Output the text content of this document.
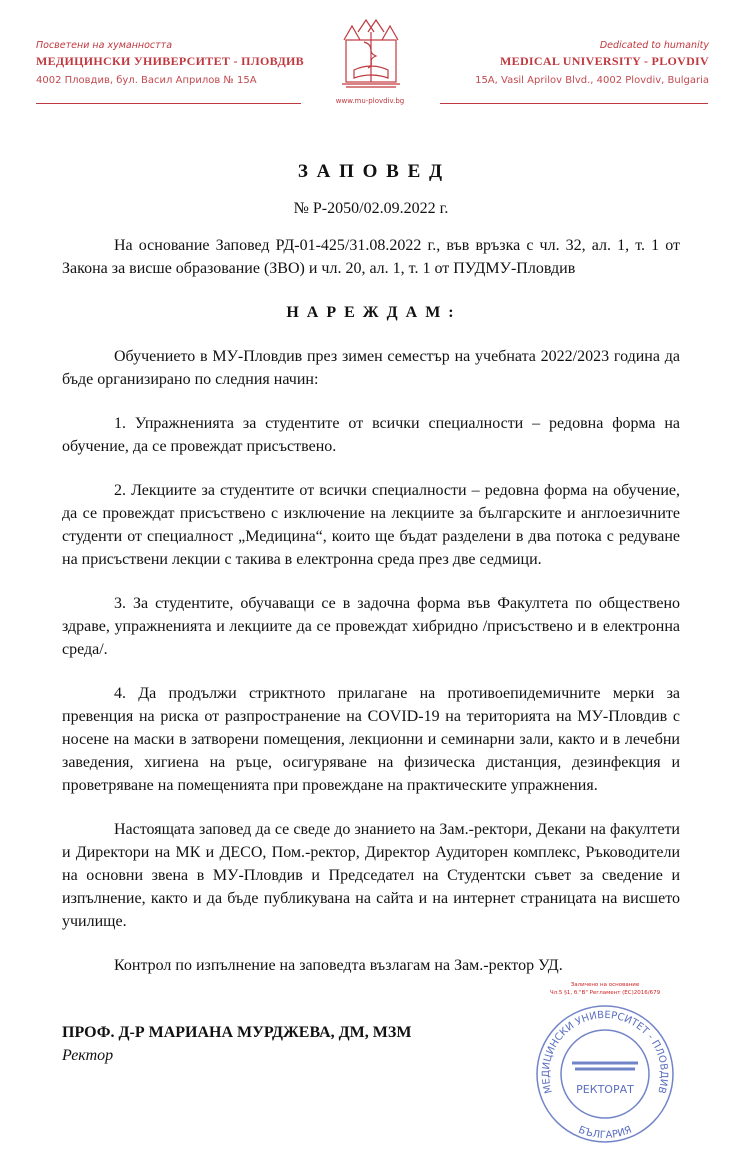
Посветени на хуманността
МЕДИЦИНСКИ УНИВЕРСИТЕТ - ПЛОВДИВ
4002 Пловдив, бул. Васил Априлов № 15А
Dedicated to humanity
MEDICAL UNIVERSITY - PLOVDIV
15A, Vasil Aprilov Blvd., 4002 Plovdiv, Bulgaria
www.mu-plovdiv.bg
З А П О В Е Д
№ Р-2050/02.09.2022 г.
На основание Заповед РД-01-425/31.08.2022 г., във връзка с чл. 32, ал. 1, т. 1 от Закона за висше образование (ЗВО) и чл. 20, ал. 1, т. 1 от ПУДМУ-Пловдив
Н А Р Е Ж Д А М :
Обучението в МУ-Пловдив през зимен семестър на учебната 2022/2023 година да бъде организирано по следния начин:
1. Упражненията за студентите от всички специалности – редовна форма на обучение, да се провеждат присъствено.
2. Лекциите за студентите от всички специалности – редовна форма на обучение, да се провеждат присъствено с изключение на лекциите за българските и англоезичните студенти от специалност „Медицина“, които ще бъдат разделени в два потока с редуване на присъствени лекции с такива в електронна среда през две седмици.
3. За студентите, обучаващи се в задочна форма във Факултета по обществено здраве, упражненията и лекциите да се провеждат хибридно /присъствено и в електронна среда/.
4. Да продължи стриктното прилагане на противоепидемичните мерки за превенция на риска от разпространение на COVID-19 на територията на МУ-Пловдив с носене на маски в затворени помещения, лекционни и семинарни зали, както и в лечебни заведения, хигиена на ръце, осигуряване на физическа дистанция, дезинфекция и проветряване на помещенията при провеждане на практическите упражнения.
Настоящата заповед да се сведе до знанието на Зам.-ректори, Декани на факултети и Директори на МК и ДЕСО, Пом.-ректор, Директор Аудиторен комплекс, Ръководители на основни звена в МУ-Пловдив и Председател на Студентски съвет за сведение и изпълнение, както и да бъде публикувана на сайта и на интернет страницата на висшето училище.
Контрол по изпълнение на заповедта възлагам на Зам.-ректор УД.
ПРОФ. Д-Р МАРИАНА МУРДЖЕВА, ДМ, МЗМ
Ректор
Заличено на основание
Чл.5 §1, б."В" Регламент (ЕС)2016/679
МЕДИЦИНСКИ УНИВЕРСИТЕТ - ПЛОВДИВ
РЕКТОРАТ
БЪЛГАРИЯ
